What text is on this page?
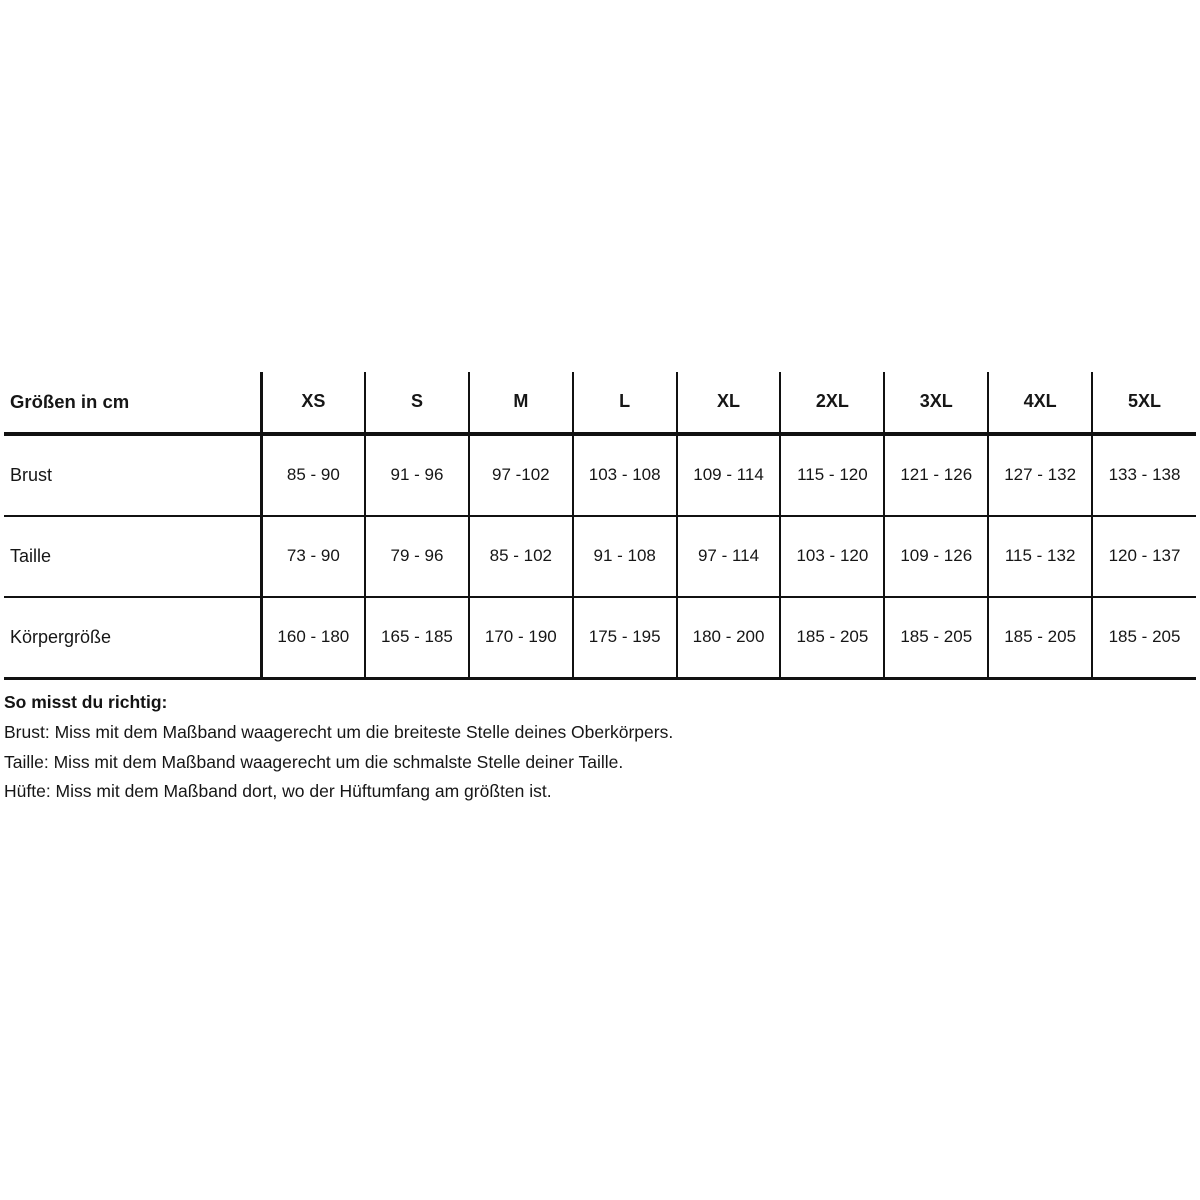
Größen in cm	XS	S	M	L	XL	2XL	3XL	4XL	5XL
Brust	85 - 90	91 - 96	97 -102	103 - 108	109 - 114	115 - 120	121 - 126	127 - 132	133 - 138

Taille	73 - 90	79 - 96	85 - 102	91 - 108	97 - 114	103 - 120	109 - 126	115 - 132	120 - 137

Körpergröße	160 - 180	165 - 185	170 - 190	175 - 195	180 - 200	185 - 205	185 - 205	185 - 205	185 - 205

So misst du richtig:

Brust: Miss mit dem Maßband waagerecht um die breiteste Stelle deines Oberkörpers.

Taille: Miss mit dem Maßband waagerecht um die schmalste Stelle deiner Taille.

Hüfte: Miss mit dem Maßband dort, wo der Hüftumfang am größten ist.
